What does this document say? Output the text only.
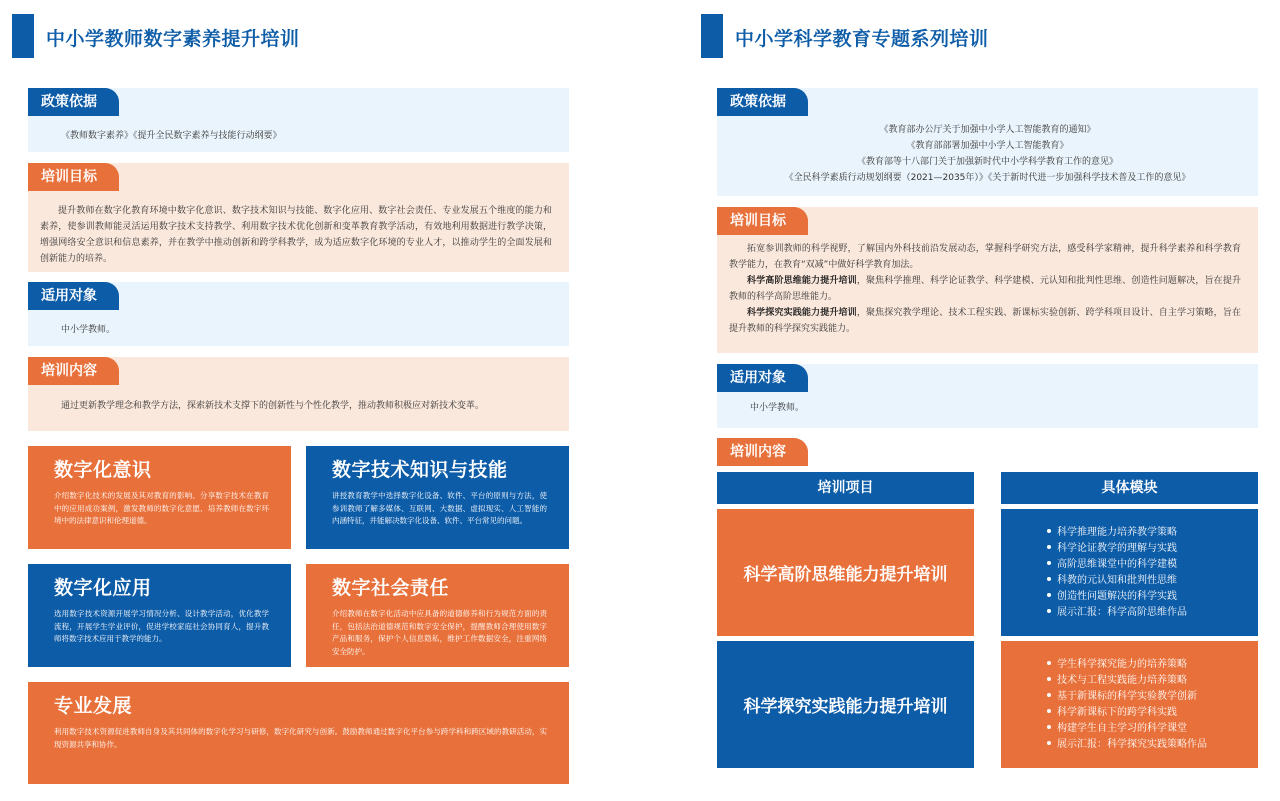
中小学教师数字素养提升培训
政策依据
《教师数字素养》《提升全民数字素养与技能行动纲要》
培训目标
提升教师在数字化教育环境中数字化意识、数字技术知识与技能、数字化应用、数字社会责任、专业发展五个维度的能力和素养，使参训教师能灵活运用数字技术支持教学、利用数字技术优化创新和变革教育教学活动，有效地利用数据进行教学决策，增强网络安全意识和信息素养，并在教学中推动创新和跨学科教学，成为适应数字化环境的专业人才，以推动学生的全面发展和创新能力的培养。
适用对象
中小学教师。
培训内容
通过更新教学理念和教学方法，探索新技术支撑下的创新性与个性化教学，推动教师积极应对新技术变革。
数字化意识
介绍数字化技术的发展及其对教育的影响、分享数字技术在教育中的应用成功案例，激发教师的数字化意愿、培养教师在数字环境中的法律意识和伦理道德。
数字技术知识与技能
讲授教育教学中选择数字化设备、软件、平台的原则与方法，使参训教师了解多媒体、互联网、大数据、虚拟现实、人工智能的内涵特征，并能解决数字化设备、软件、平台常见的问题。
数字化应用
选用数字技术资源开展学习情况分析、设计教学活动，优化教学流程，开展学生学业评价，促进学校家庭社会协同育人，提升教师将数字技术应用于教学的能力。
数字社会责任
介绍教师在数字化活动中应具备的道德修养和行为规范方面的责任，包括法治道德规范和数字安全保护，提醒教师合理使用数字产品和服务，保护个人信息隐私，维护工作数据安全，注重网络安全防护。
专业发展
利用数字技术资源促进教师自身及其共同体的数字化学习与研修，数字化研究与创新。鼓励教师通过数字化平台参与跨学科和跨区域的教研活动，实现资源共享和协作。
中小学科学教育专题系列培训
政策依据
《教育部办公厅关于加强中小学人工智能教育的通知》
《教育部部署加强中小学人工智能教育》
《教育部等十八部门关于加强新时代中小学科学教育工作的意见》
《全民科学素质行动规划纲要（2021—2035年）》《关于新时代进一步加强科学技术普及工作的意见》
培训目标
拓宽参训教师的科学视野，了解国内外科技前沿发展动态，掌握科学研究方法，感受科学家精神，提升科学素养和科学教育教学能力，在教育“双减”中做好科学教育加法。
科学高阶思维能力提升培训，聚焦科学推理、科学论证教学、科学建模、元认知和批判性思维、创造性问题解决，旨在提升教师的科学高阶思维能力。
科学探究实践能力提升培训，聚焦探究教学理论、技术工程实践、新课标实验创新、跨学科项目设计、自主学习策略，旨在提升教师的科学探究实践能力。
适用对象
中小学教师。
培训内容
培训项目	具体模块
科学高阶思维能力提升培训
科学推理能力培养教学策略
科学论证教学的理解与实践
高阶思维课堂中的科学建模
科教的元认知和批判性思维
创造性问题解决的科学实践
展示汇报：科学高阶思维作品
科学探究实践能力提升培训
学生科学探究能力的培养策略
技术与工程实践能力培养策略
基于新课标的科学实验教学创新
科学新课标下的跨学科实践
构建学生自主学习的科学课堂
展示汇报：科学探究实践策略作品
